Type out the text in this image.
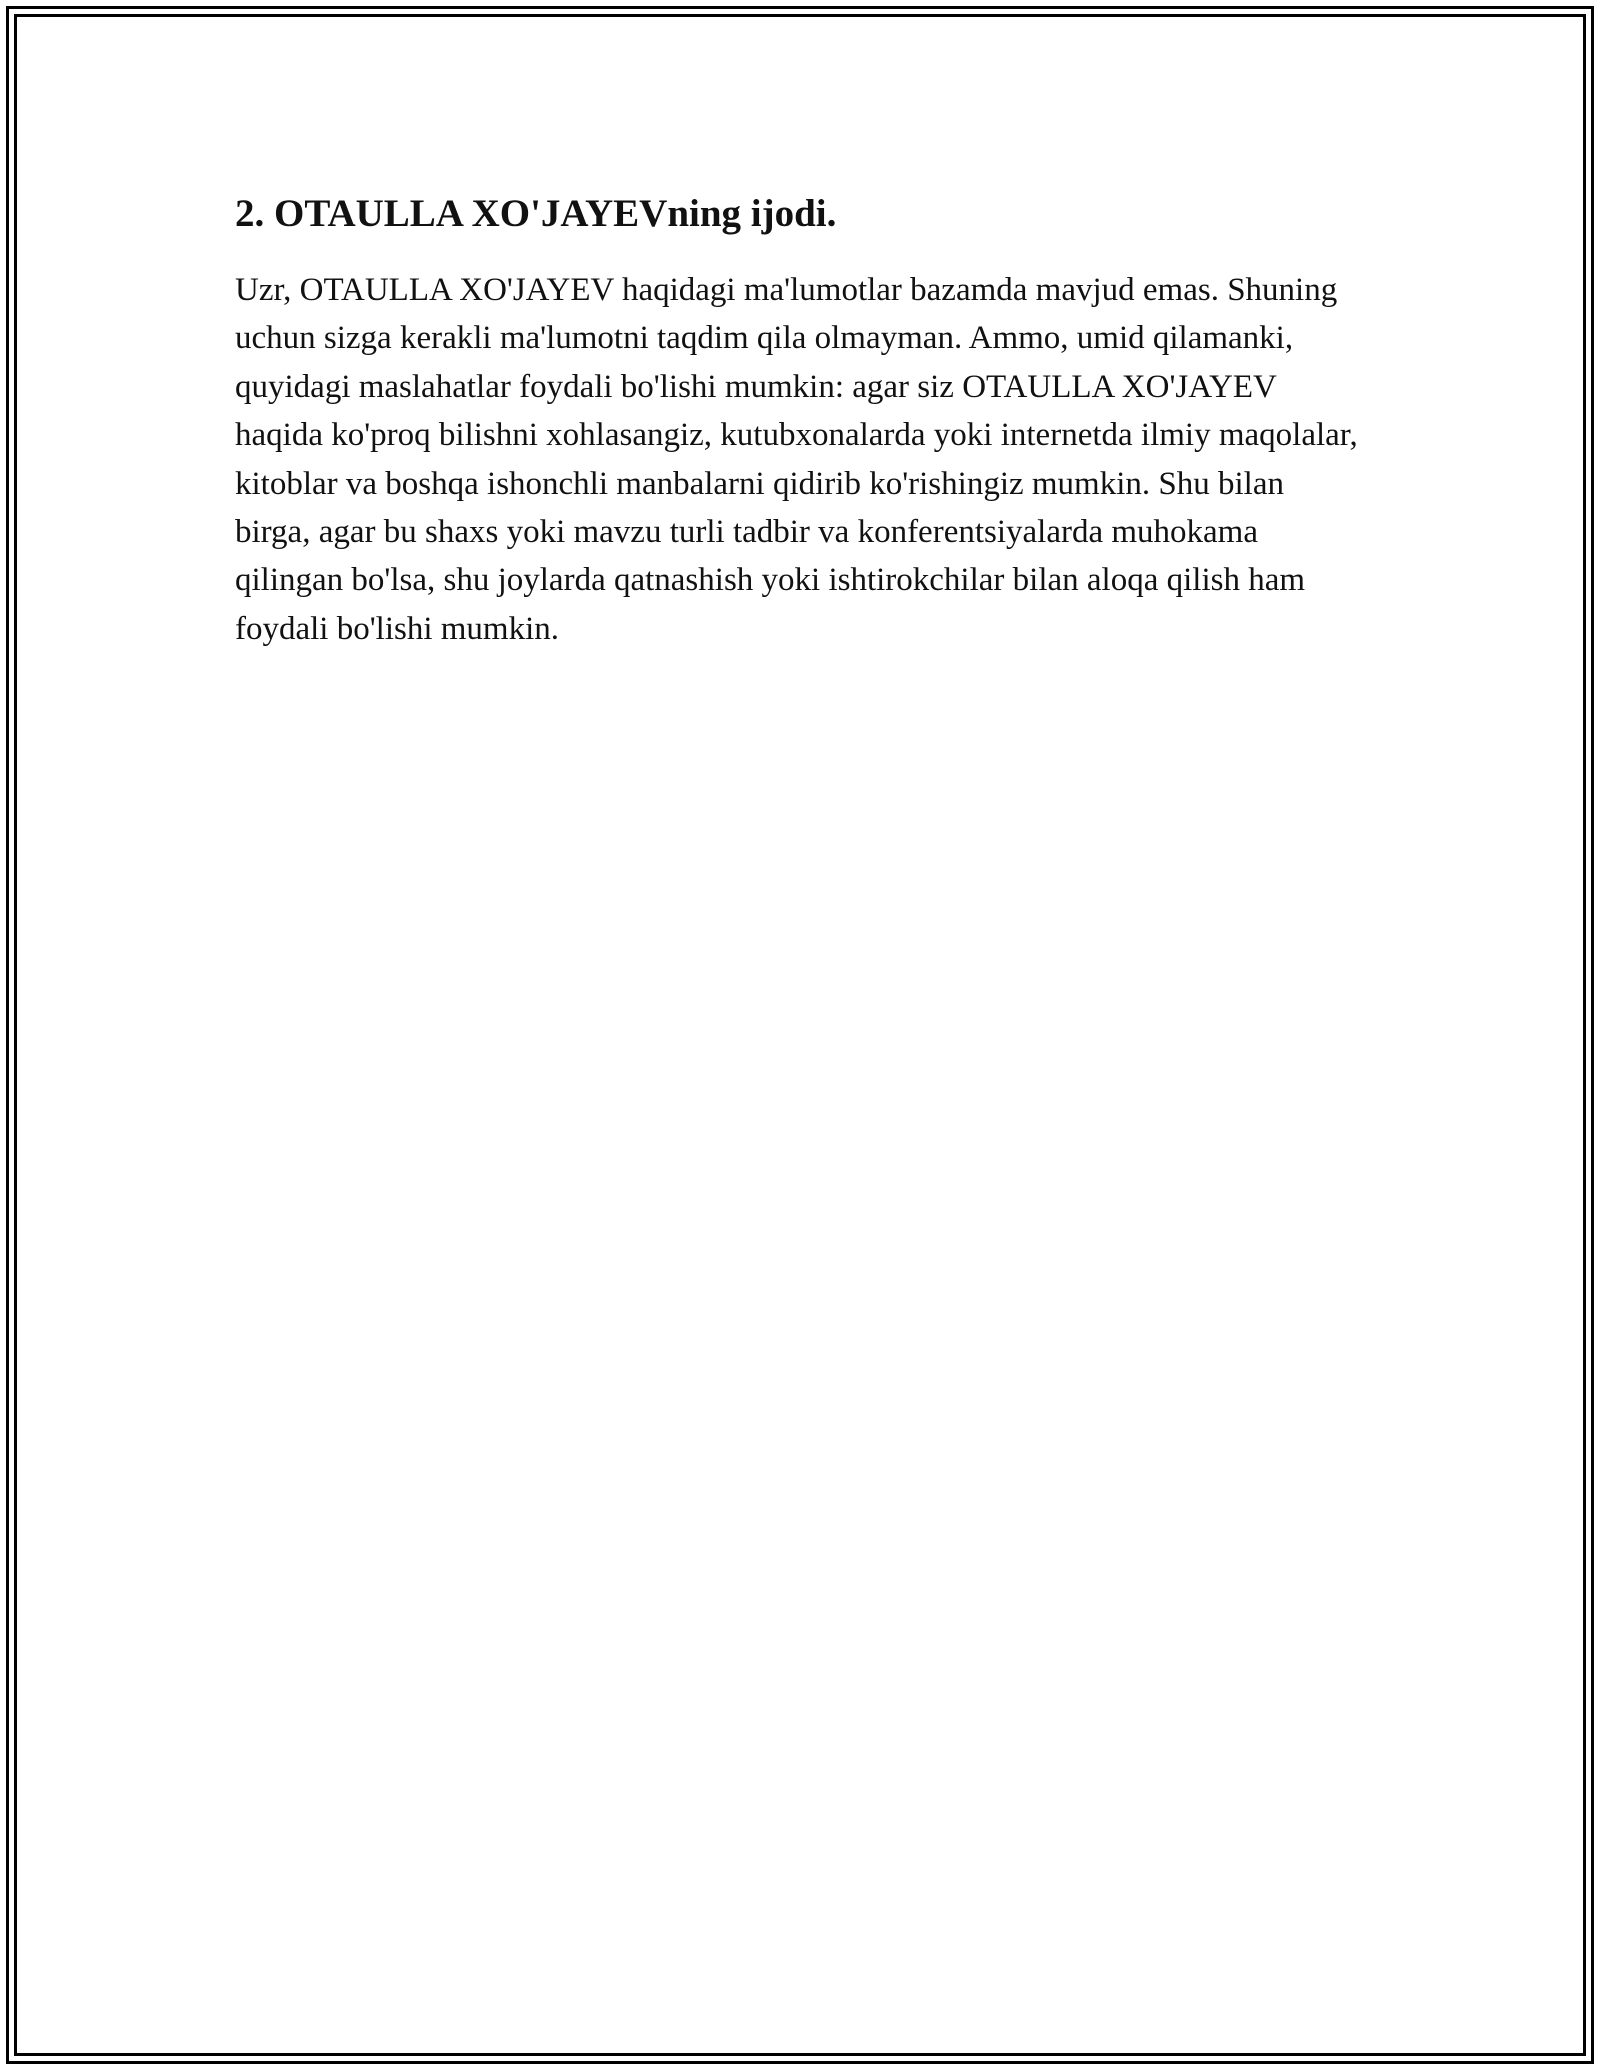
2. OTAULLA XO'JAYEVning ijodi.

Uzr, OTAULLA XO'JAYEV haqidagi ma'lumotlar bazamda mavjud emas. Shuning uchun sizga kerakli ma'lumotni taqdim qila olmayman. Ammo, umid qilamanki, quyidagi maslahatlar foydali bo'lishi mumkin: agar siz OTAULLA XO'JAYEV haqida ko'proq bilishni xohlasangiz, kutubxonalarda yoki internetda ilmiy maqolalar, kitoblar va boshqa ishonchli manbalarni qidirib ko'rishingiz mumkin. Shu bilan birga, agar bu shaxs yoki mavzu turli tadbir va konferentsiyalarda muhokama qilingan bo'lsa, shu joylarda qatnashish yoki ishtirokchilar bilan aloqa qilish ham foydali bo'lishi mumkin.
